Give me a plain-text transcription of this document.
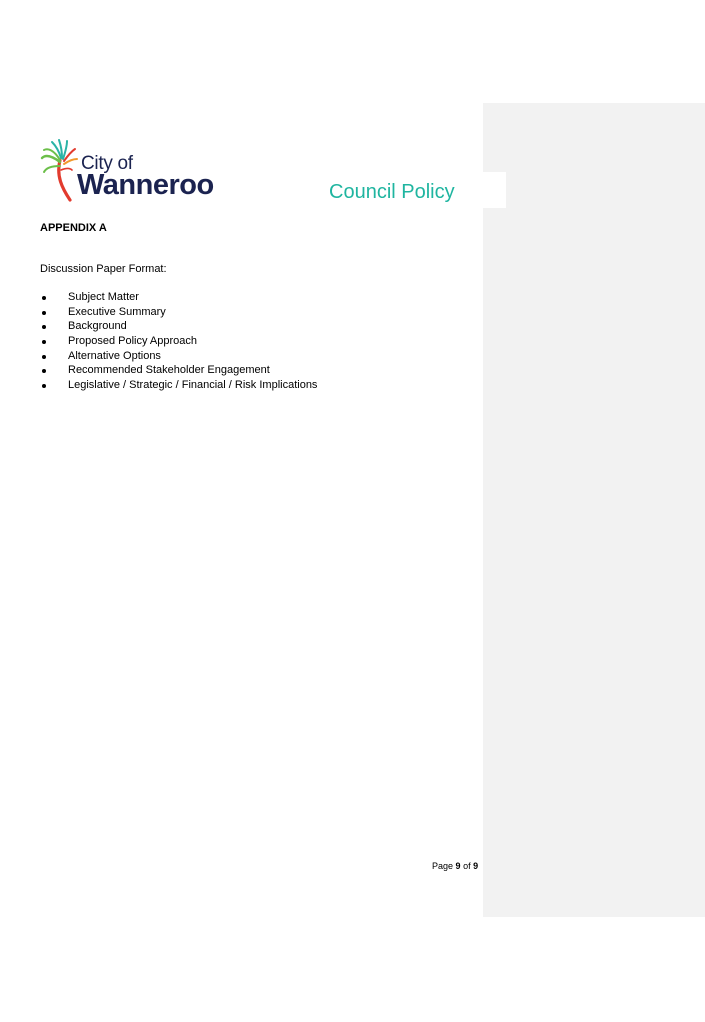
City of
Wanneroo	Council Policy
APPENDIX A
Discussion Paper Format:
Subject Matter
Executive Summary
Background
Proposed Policy Approach
Alternative Options
Recommended Stakeholder Engagement
Legislative / Strategic / Financial / Risk Implications
Page 9 of 9
